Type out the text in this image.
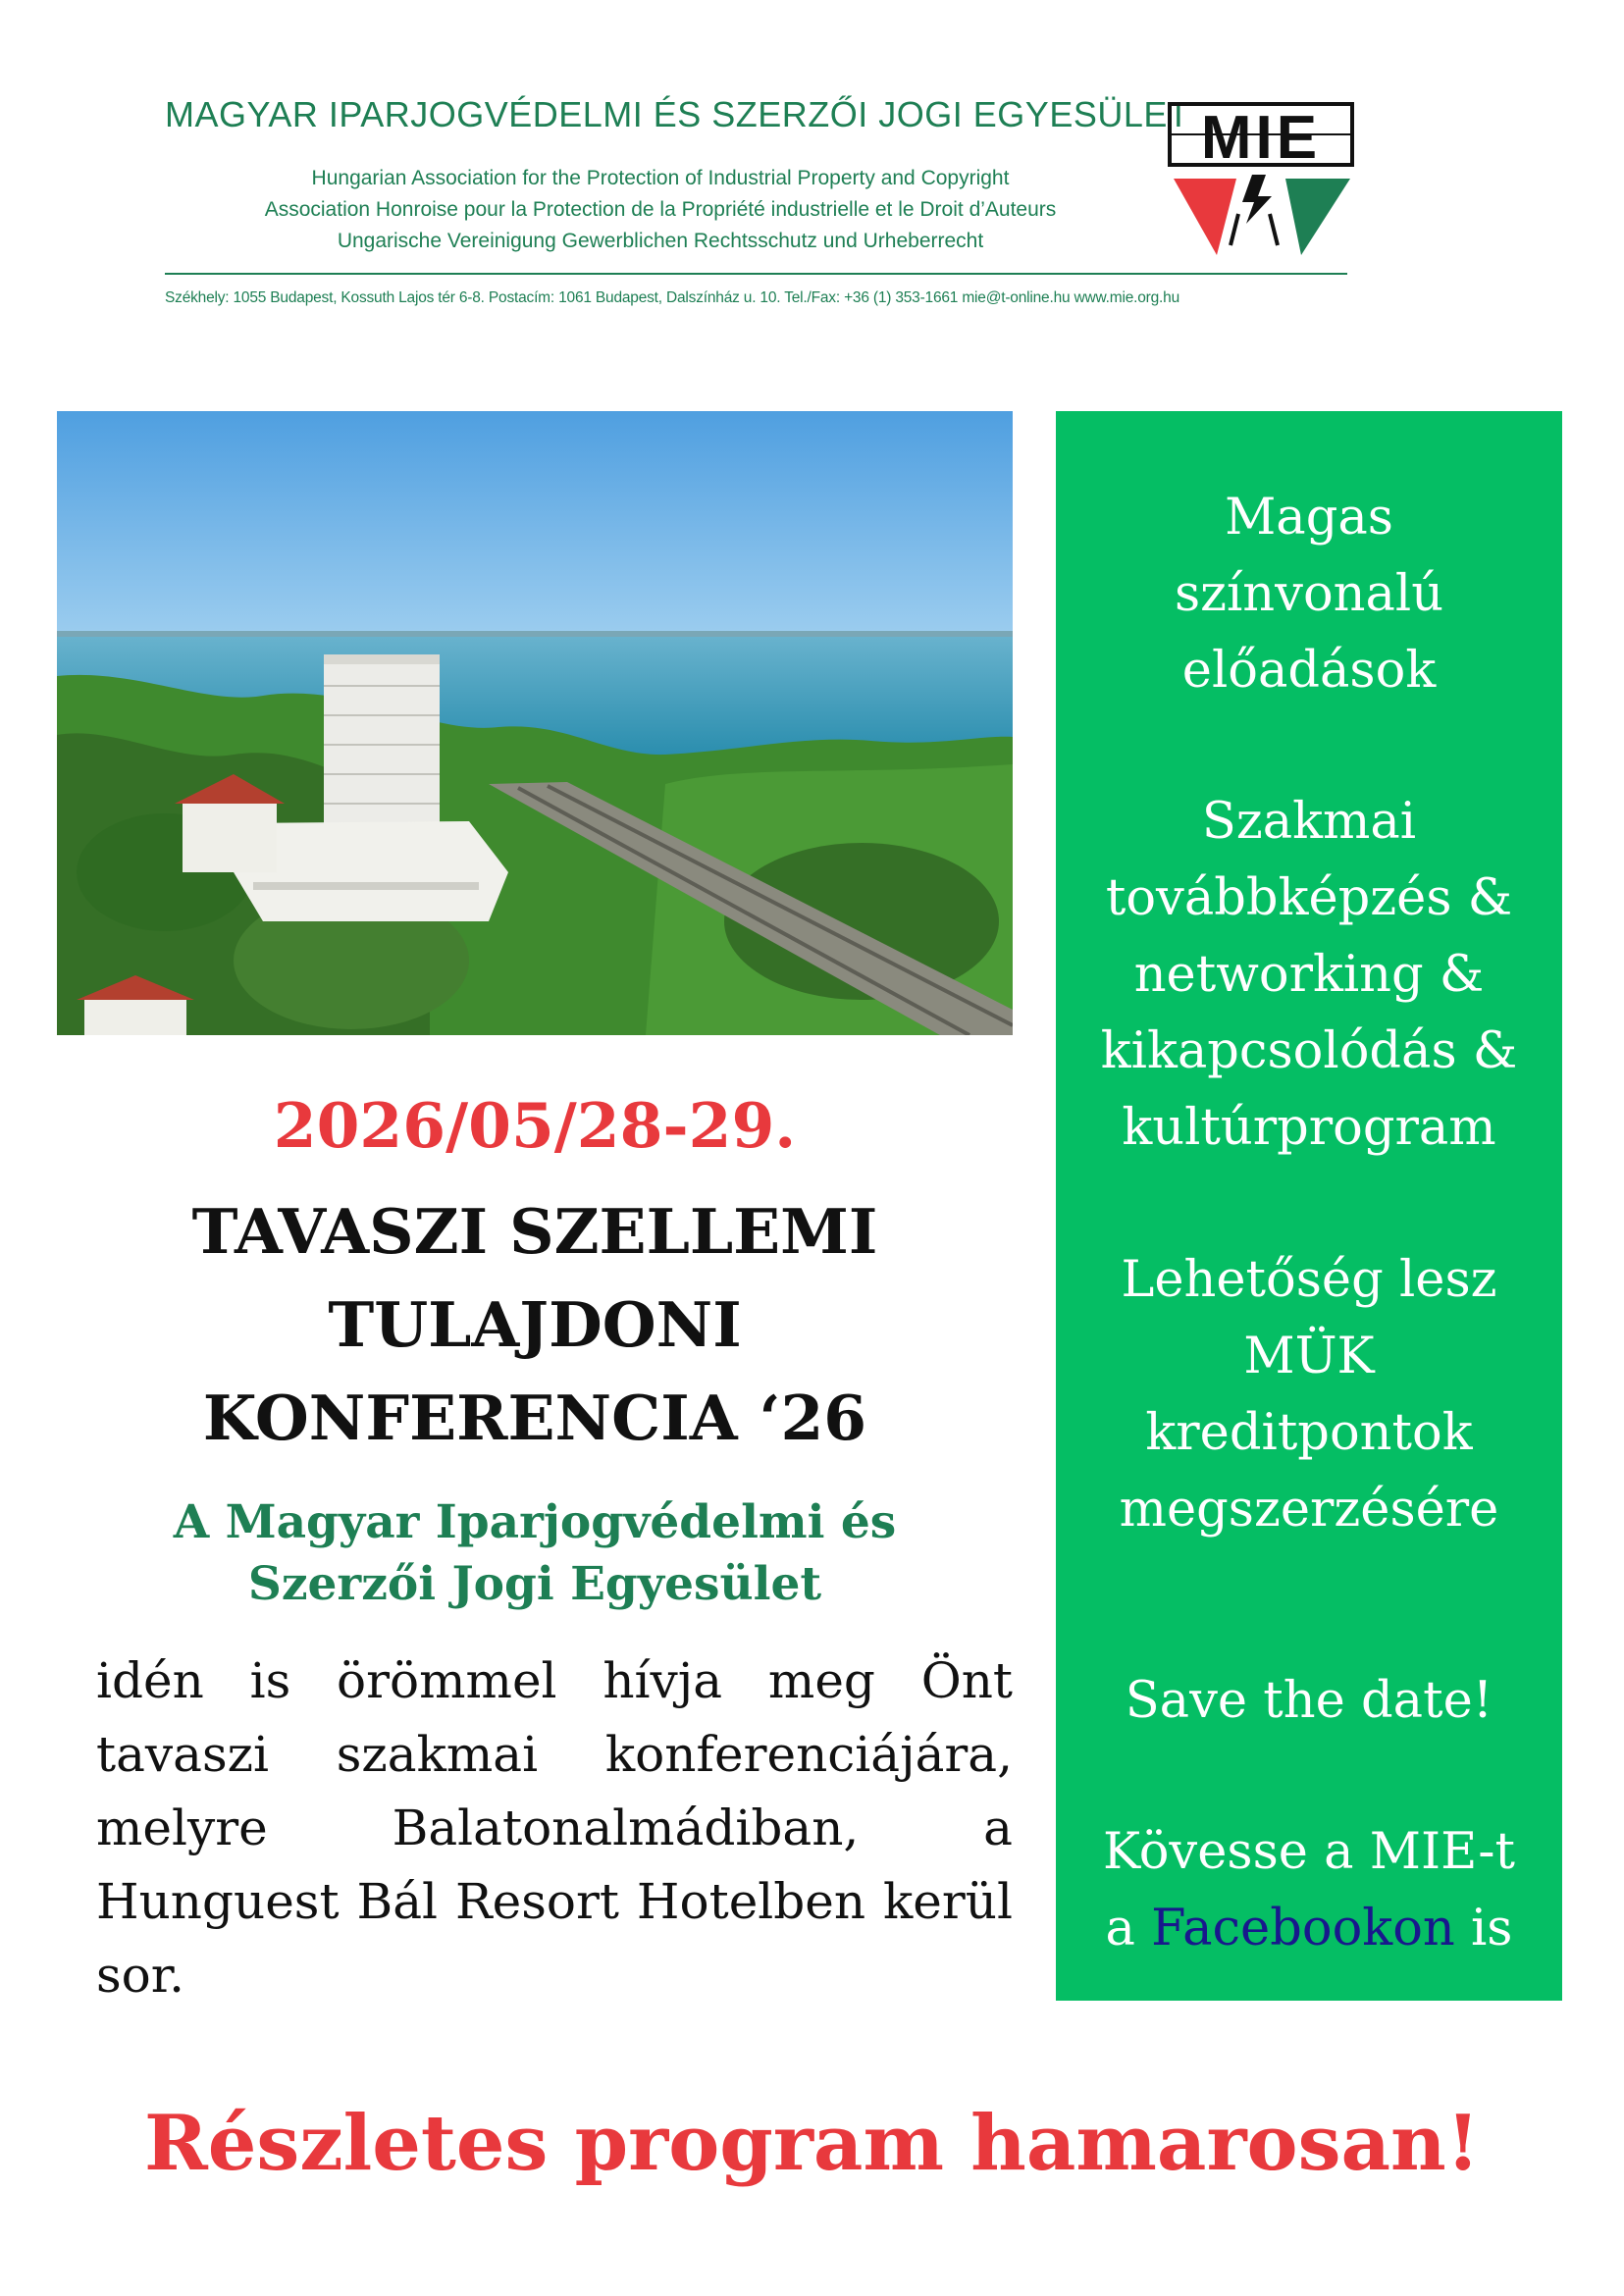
MAGYAR IPARJOGVÉDELMI ÉS SZERZŐI JOGI EGYESÜLET
Hungarian Association for the Protection of Industrial Property and Copyright
Association Honroise pour la Protection de la Propriété industrielle et le Droit d’Auteurs
Ungarische Vereinigung Gewerblichen Rechtsschutz und Urheberrecht
Székhely: 1055 Budapest, Kossuth Lajos tér 6-8. Postacím: 1061 Budapest, Dalszínház u. 10. Tel./Fax: +36 (1) 353-1661 mie@t-online.hu www.mie.org.hu
MIE

2026/05/28-29.

TAVASZI SZELLEMI
TULAJDONI
KONFERENCIA ‘26
A Magyar Iparjogvédelmi és
Szerzői Jogi Egyesület

idén is örömmel hívja meg Önt tavaszi szakmai konferenciájára, melyre Balatonalmádiban, a Hunguest Bál Resort Hotelben kerül sor.

Magas
színvonalú
előadások

Szakmai
továbbképzés &
networking &
kikapcsolódás &
kultúrprogram

Lehetőség lesz
MÜK
kreditpontok
megszerzésére

Save the date!

Kövesse a MIE-t
a Facebookon is

Részletes program hamarosan!
